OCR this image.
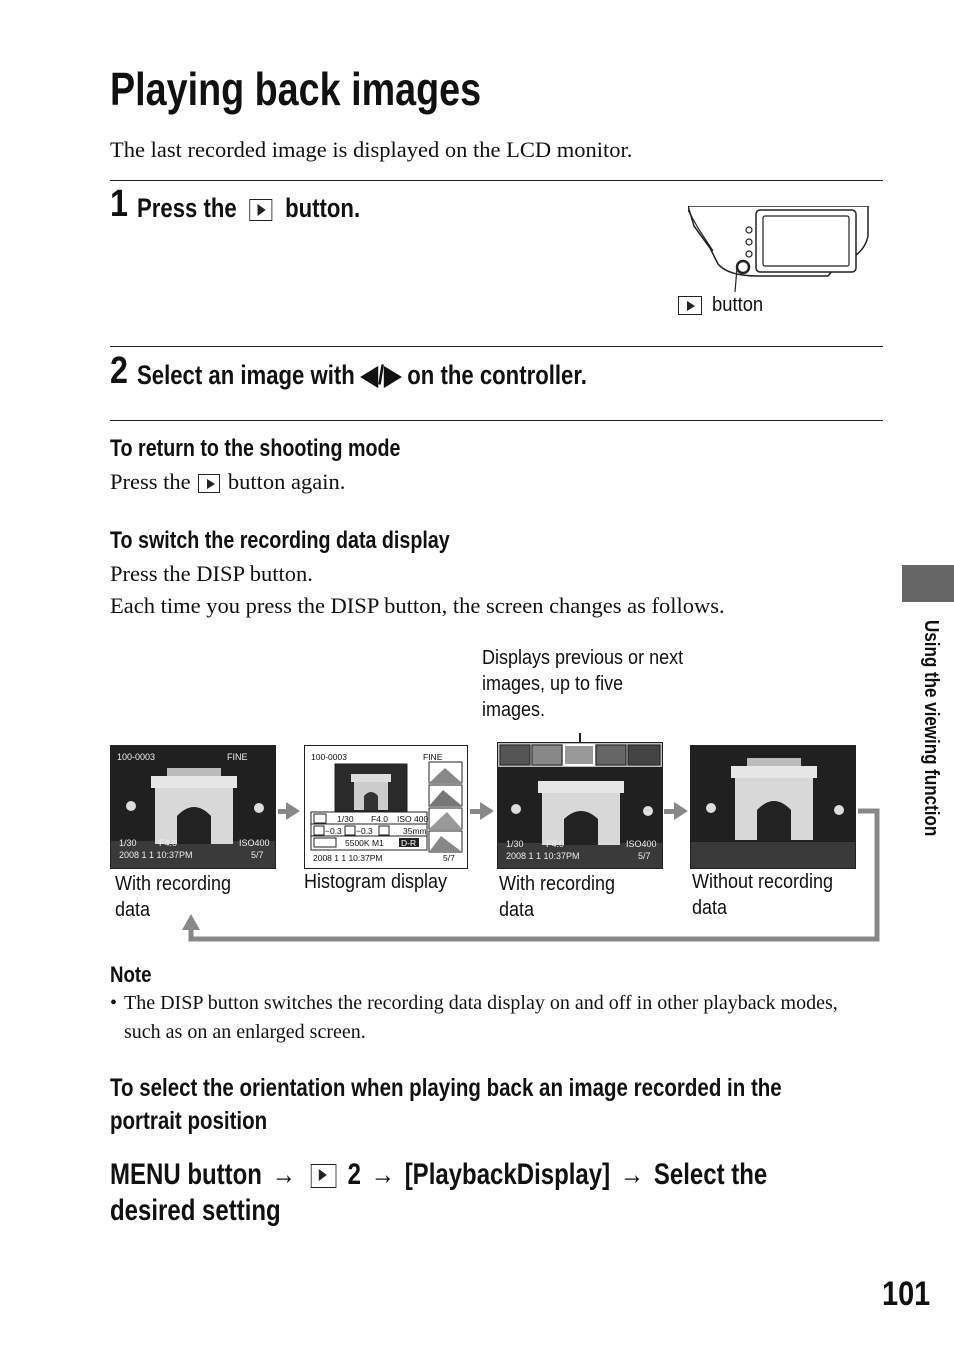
Playing back images
The last recorded image is displayed on the LCD monitor.
1 Press the button.
button
2 Select an image with ◀/▶ on the controller.
To return to the shooting mode
Press the button again.
To switch the recording data display
Press the DISP button.
Each time you press the DISP button, the screen changes as follows.
Displays previous or next images, up to five images.
100-0003	FINE
1/30 F4.0	ISO400
2008 1 1 10:37PM	5/7
With recording data
100-0003	FINE
1/30 F4.0 ISO 400
−0.3 −0.3	35mm
5500K M1 D-R
2008 1 1 10:37PM	5/7
Histogram display
1/30 F4.0	ISO400
2008 1 1 10:37PM	5/7
With recording data
Without recording data
Note
• The DISP button switches the recording data display on and off in other playback modes, such as on an enlarged screen.
To select the orientation when playing back an image recorded in the portrait position
MENU button → 2 → [PlaybackDisplay] → Select the desired setting
Using the viewing function
101
